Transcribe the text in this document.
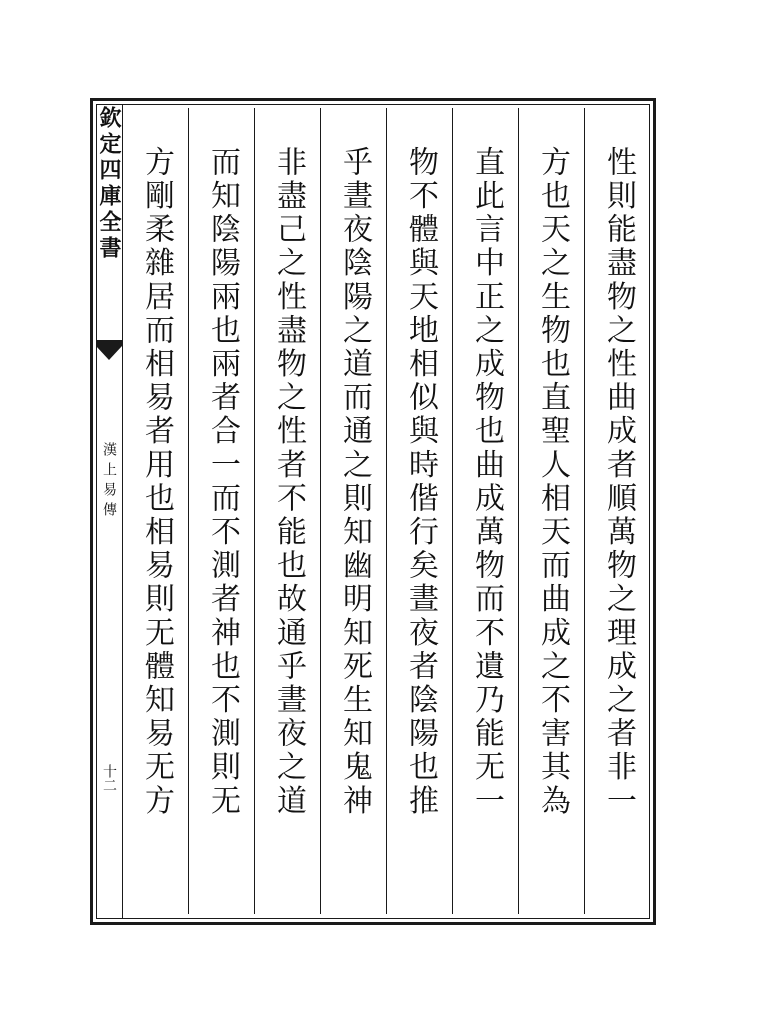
欽定四庫全書
漢上易傳
十二	性則能盡物之性曲成者順萬物之理成之者非一
方也天之生物也直聖人相天而曲成之不害其為
直此言中正之成物也曲成萬物而不遺乃能无一
物不體與天地相似與時偕行矣晝夜者陰陽也推
乎晝夜陰陽之道而通之則知幽明知死生知鬼神
非盡己之性盡物之性者不能也故通乎晝夜之道
而知陰陽兩也兩者合一而不測者神也不測則无
方剛柔雜居而相易者用也相易則无體知易无方
